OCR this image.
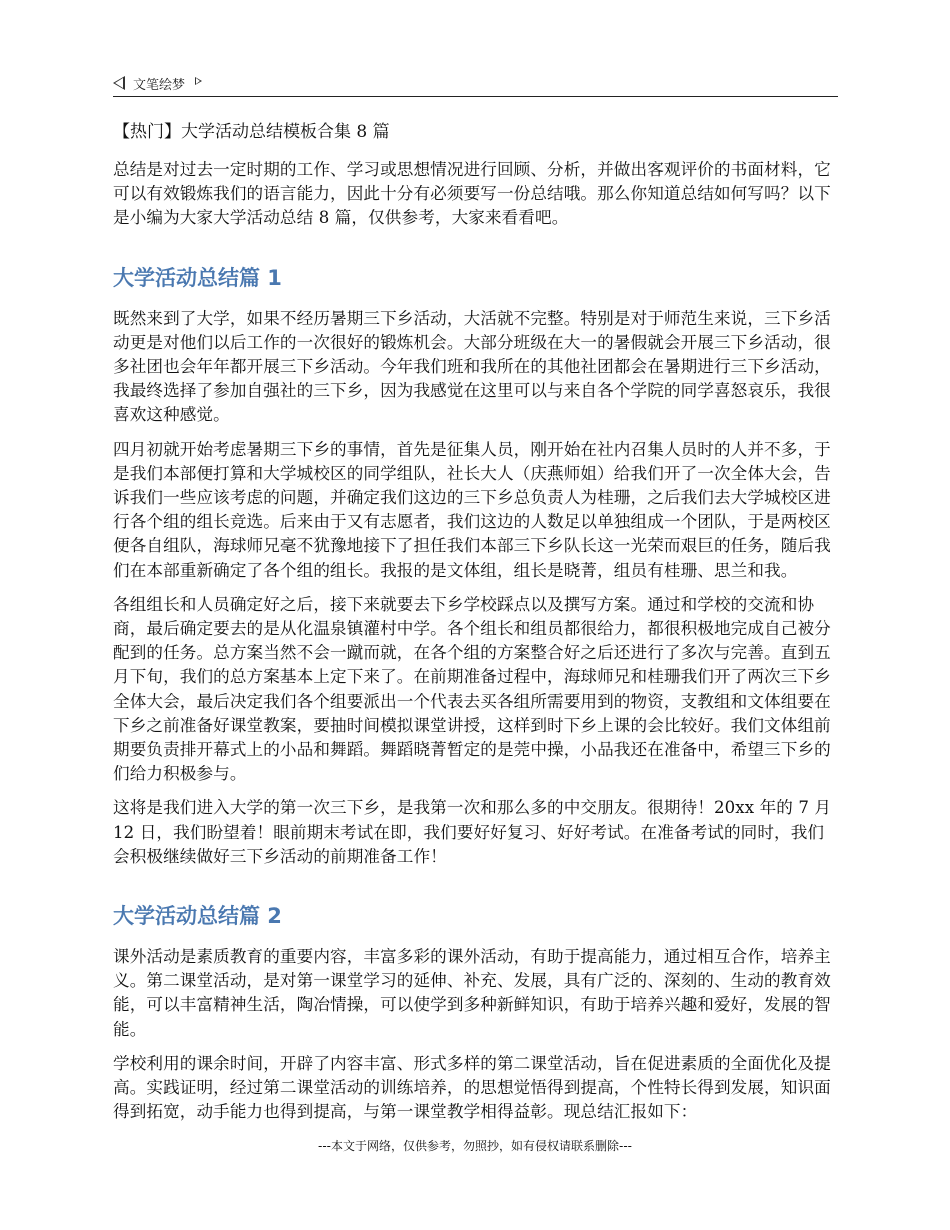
文笔绘梦
【热门】大学活动总结模板合集 8 篇

总结是对过去一定时期的工作、学习或思想情况进行回顾、分析，并做出客观评价的书面材料，它可以有效锻炼我们的语言能力，因此十分有必须要写一份总结哦。那么你知道总结如何写吗？以下是小编为大家大学活动总结 8 篇，仅供参考，大家来看看吧。

大学活动总结篇 1

既然来到了大学，如果不经历暑期三下乡活动，大活就不完整。特别是对于师范生来说，三下乡活动更是对他们以后工作的一次很好的锻炼机会。大部分班级在大一的暑假就会开展三下乡活动，很多社团也会年年都开展三下乡活动。今年我们班和我所在的其他社团都会在暑期进行三下乡活动，我最终选择了参加自强社的三下乡，因为我感觉在这里可以与来自各个学院的同学喜怒哀乐，我很喜欢这种感觉。

四月初就开始考虑暑期三下乡的事情，首先是征集人员，刚开始在社内召集人员时的人并不多，于是我们本部便打算和大学城校区的同学组队，社长大人（庆燕师姐）给我们开了一次全体大会，告诉我们一些应该考虑的问题，并确定我们这边的三下乡总负责人为桂珊，之后我们去大学城校区进行各个组的组长竞选。后来由于又有志愿者，我们这边的人数足以单独组成一个团队，于是两校区便各自组队，海球师兄毫不犹豫地接下了担任我们本部三下乡队长这一光荣而艰巨的任务，随后我们在本部重新确定了各个组的组长。我报的是文体组，组长是晓菁，组员有桂珊、思兰和我。

各组组长和人员确定好之后，接下来就要去下乡学校踩点以及撰写方案。通过和学校的交流和协商，最后确定要去的是从化温泉镇灌村中学。各个组长和组员都很给力，都很积极地完成自己被分配到的任务。总方案当然不会一蹴而就，在各个组的方案整合好之后还进行了多次与完善。直到五月下旬，我们的总方案基本上定下来了。在前期准备过程中，海球师兄和桂珊我们开了两次三下乡全体大会，最后决定我们各个组要派出一个代表去买各组所需要用到的物资，支教组和文体组要在下乡之前准备好课堂教案，要抽时间模拟课堂讲授，这样到时下乡上课的会比较好。我们文体组前期要负责排开幕式上的小品和舞蹈。舞蹈晓菁暂定的是莞中操，小品我还在准备中，希望三下乡的们给力积极参与。

这将是我们进入大学的第一次三下乡，是我第一次和那么多的中交朋友。很期待！20xx 年的 7 月 12 日，我们盼望着！眼前期末考试在即，我们要好好复习、好好考试。在准备考试的同时，我们会积极继续做好三下乡活动的前期准备工作！

大学活动总结篇 2

课外活动是素质教育的重要内容，丰富多彩的课外活动，有助于提高能力，通过相互合作，培养主义。第二课堂活动，是对第一课堂学习的延伸、补充、发展，具有广泛的、深刻的、生动的教育效能，可以丰富精神生活，陶冶情操，可以使学到多种新鲜知识，有助于培养兴趣和爱好，发展的智能。

学校利用的课余时间，开辟了内容丰富、形式多样的第二课堂活动，旨在促进素质的全面优化及提高。实践证明，经过第二课堂活动的训练培养，的思想觉悟得到提高，个性特长得到发展，知识面得到拓宽，动手能力也得到提高，与第一课堂教学相得益彰。现总结汇报如下：

---本文于网络，仅供参考，勿照抄，如有侵权请联系删除---
